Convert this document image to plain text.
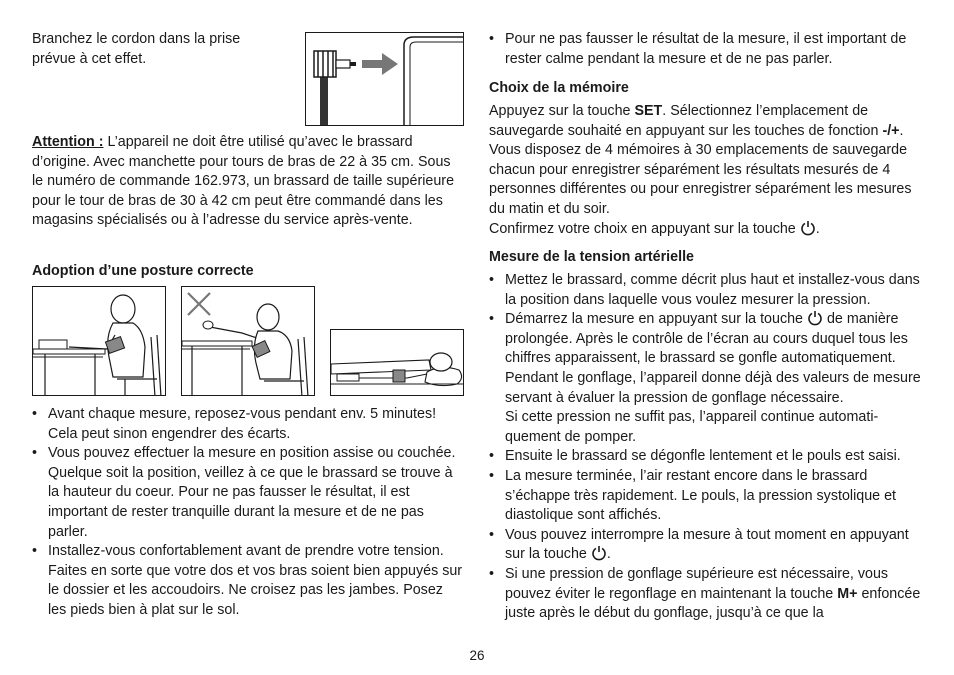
Branchez le cordon dans la prise

prévue à cet effet.

Attention : L’appareil ne doit être utilisé qu’avec le brassard d’origine. Avec manchette pour tours de bras de 22 à 35 cm. Sous le numéro de commande 162.973, un brassard de taille supérieure pour le tour de bras de 30 à 42 cm peut être commandé dans les magasins spécialisés ou à l’adresse du service après-vente.

Adoption d’une posture correcte

• Avant chaque mesure, reposez-vous pendant env. 5 minutes! Cela peut sinon engendrer des écarts.

• Vous pouvez effectuer la mesure en position assise ou couchée. Quelque soit la position, veillez à ce que le brassard se trouve à la hauteur du coeur. Pour ne pas fausser le résultat, il est important de rester tranquille durant la mesure et de ne pas parler.

• Installez-vous confortablement avant de prendre votre tension. Faites en sorte que votre dos et vos bras soient bien appuyés sur le dossier et les accoudoirs. Ne croisez pas les jambes. Posez les pieds bien à plat sur le sol.

• Pour ne pas fausser le résultat de la mesure, il est important de rester calme pendant la mesure et de ne pas parler.

Choix de la mémoire

Appuyez sur la touche SET. Sélectionnez l’emplacement de sauvegarde souhaité en appuyant sur les touches de fonction -/+. Vous disposez de 4 mémoires à 30 emplacements de sauvegarde chacun pour enregistrer séparément les résultats mesurés de 4 personnes différentes ou pour enregistrer séparément les mesures du matin et du soir.

Confirmez votre choix en appuyant sur la touche .

Mesure de la tension artérielle

• Mettez le brassard, comme décrit plus haut et installez-vous dans la position dans laquelle vous voulez mesurer la pression.

• Démarrez la mesure en appuyant sur la touche  de manière prolongée. Après le contrôle de l’écran au cours duquel tous les chiffres apparaissent, le brassard se gonfle automatiquement. Pendant le gonflage, l’appareil donne déjà des valeurs de mesure servant à évaluer la pression de gonflage nécessaire.
Si cette pression ne suffit pas, l’appareil continue automatiquement de pomper.

• Ensuite le brassard se dégonfle lentement et le pouls est saisi.

• La mesure terminée, l’air restant encore dans le brassard s’échappe très rapidement. Le pouls, la pression systolique et diastolique sont affichés.

• Vous pouvez interrompre la mesure à tout moment en appuyant sur la touche .

• Si une pression de gonflage supérieure est nécessaire, vous pouvez éviter le regonflage en maintenant la touche M+ enfoncée juste après le début du gonflage, jusqu’à ce que la

26
